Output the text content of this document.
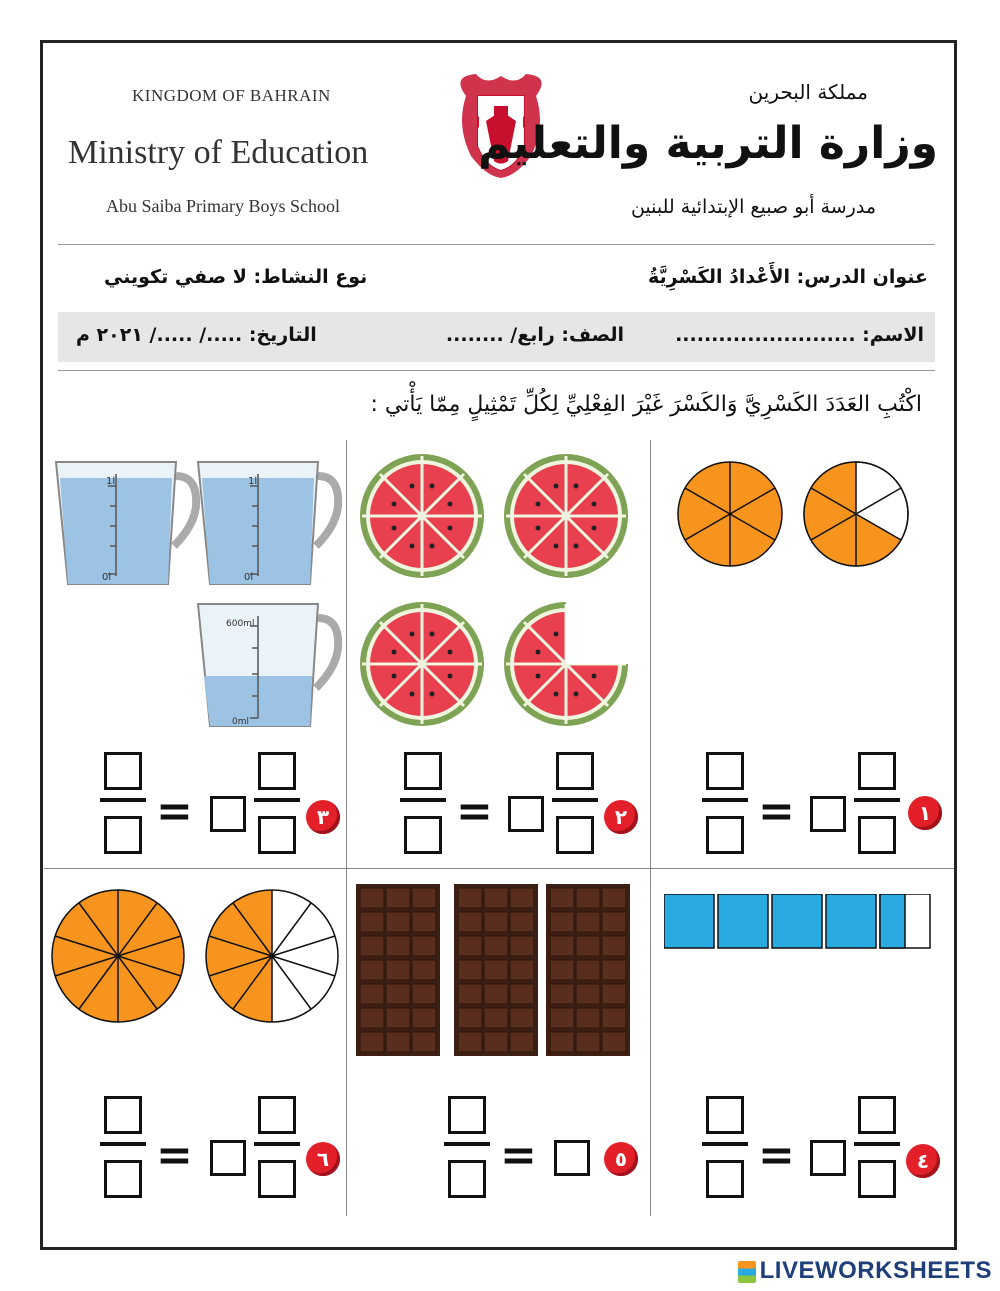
KINGDOM OF BAHRAIN
Ministry of Education
Abu Saiba Primary Boys School
مملكة البحرين
وزارة التربية والتعليم
مدرسة أبو صبيع الإبتدائية للبنين
عنوان الدرس: الأَعْدادُ الكَسْرِيَّةُ
نوع النشاط: لا صفي تكويني
الاسم: .........................
الصف: رابع/ ........
التاريخ: ...../ ...../ ٢٠٢١ م
اكْتُبِ العَدَدَ الكَسْرِيَّ وَالكَسْرَ غَيْرَ الفِعْلِيِّ لِكُلِّ تَمْثِيلٍ مِمّا يَأْتي :
1l
0l
1l
0l
600ml
0ml
=	٣	=	٢	=	١
=	٦	=	٥	=	٤
LIVEWORKSHEETS
